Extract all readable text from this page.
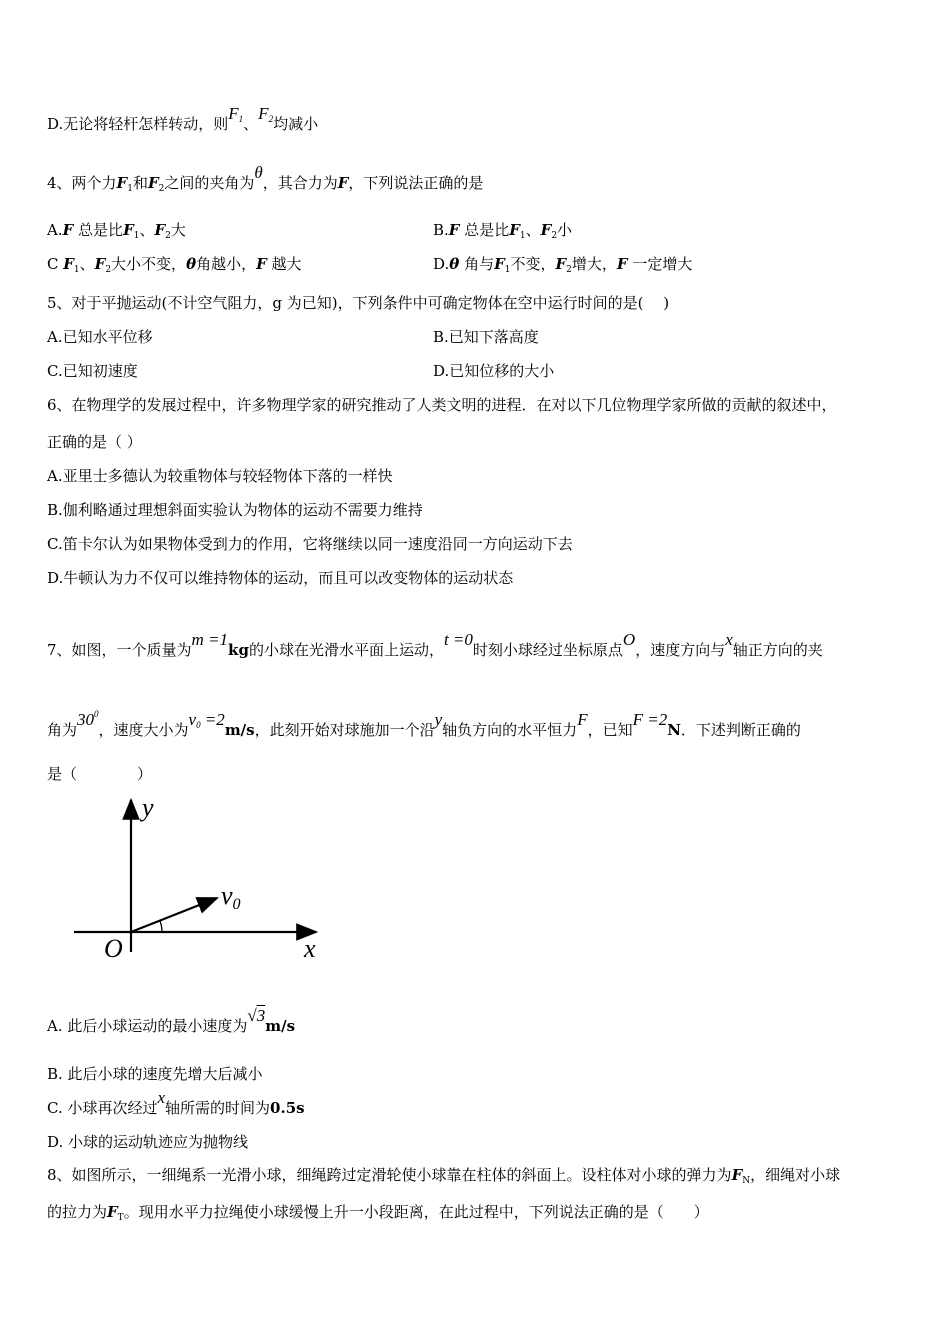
D.无论将轻杆怎样转动，则$F_1$、$F_2$均减小
4、两个力$F_1$和$F_2$之间的夹角为θ，其合力为F，下列说法正确的是
A.F 总是比$F_1$、$F_2$大	B.F 总是比$F_1$、$F_2$小
C $F_1$、$F_2$大小不变，θ角越小，F 越大	D.θ 角与$F_1$不变，$F_2$增大，F 一定增大
5、对于平抛运动(不计空气阻力，g 为已知)，下列条件中可确定物体在空中运行时间的是(　 )
A.已知水平位移	B.已知下落高度
C.已知初速度	D.已知位移的大小
6、在物理学的发展过程中，许多物理学家的研究推动了人类文明的进程．在对以下几位物理学家所做的贡献的叙述中，
正确的是（ ）
A.亚里士多德认为较重物体与较轻物体下落的一样快
B.伽利略通过理想斜面实验认为物体的运动不需要力维持
C.笛卡尔认为如果物体受到力的作用，它将继续以同一速度沿同一方向运动下去
D.牛顿认为力不仅可以维持物体的运动，而且可以改变物体的运动状态
7、如图，一个质量为m =1kg的小球在光滑水平面上运动，t =0时刻小球经过坐标原点O，速度方向与x轴正方向的夹
角为$30^0$，速度大小为$v_0 =2m/s$，此刻开始对球施加一个沿y轴负方向的水平恒力F，已知F =2N．下述判断正确的
是（　　　　）
y
x
O
v0
A. 此后小球运动的最小速度为√3m/s
B. 此后小球的速度先增大后减小
C. 小球再次经过x轴所需的时间为0.5s
D. 小球的运动轨迹应为抛物线
8、如图所示，一细绳系一光滑小球，细绳跨过定滑轮使小球靠在柱体的斜面上。设柱体对小球的弹力为$F_N$，细绳对小球
的拉力为$F_T$。现用水平力拉绳使小球缓慢上升一小段距离，在此过程中，下列说法正确的是（　　）
